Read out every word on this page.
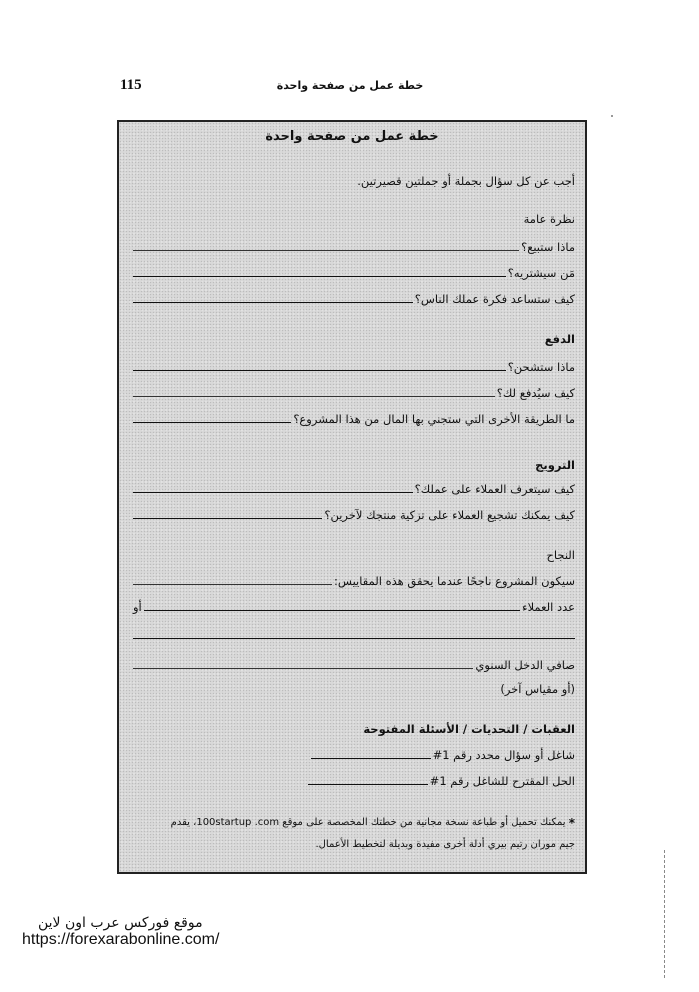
115	خطة عمل من صفحة واحدة
خطة عمل من صفحة واحدة
أجب عن كل سؤال بجملة أو جملتين قصيرتين.
نظرة عامة
ماذا ستبيع؟
مَن سيشتريه؟
كيف ستساعد فكرة عملك الناس؟
الدفع
ماذا ستشحن؟
كيف سيُدفع لك؟
ما الطريقة الأخرى التي ستجني بها المال من هذا المشروع؟
الترويج
كيف سيتعرف العملاء على عملك؟
كيف يمكنك تشجيع العملاء على تزكية منتجك لآخرين؟
النجاح
سيكون المشروع ناجحًا عندما يحقق هذه المقاييس:
عدد العملاء
أو
صافي الدخل السنوي
(أو مقياس آخر)
العقبات / التحديات / الأسئلة المفتوحة
شاغل أو سؤال محدد رقم 1#
الحل المقترح للشاغل رقم 1#
* يمكنك تحميل أو طباعة نسخة مجانية من خطتك المخصصة على موقع 100startup .com، يقدم
جيم موران رتيم بيري أدلة أخرى مفيدة وبديلة لتخطيط الأعمال.
موقع فوركس عرب اون لاين
https://forexarabonline.com/
